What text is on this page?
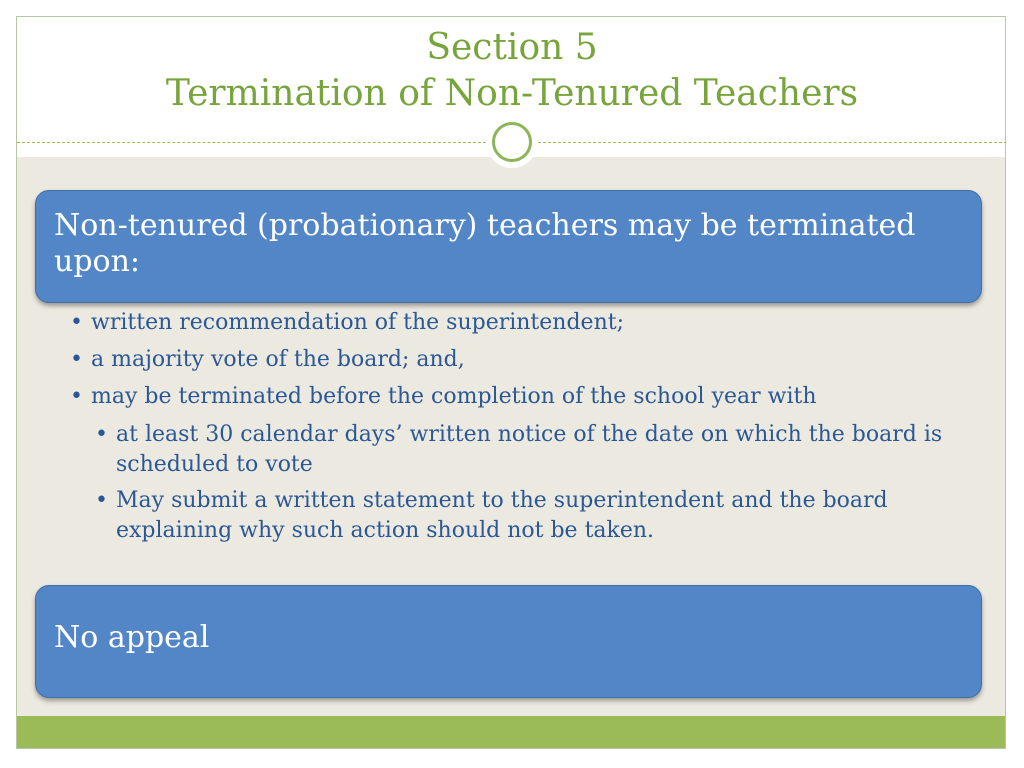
Section 5
Termination of Non-Tenured Teachers
Non-tenured (probationary) teachers may be terminated upon:
• written recommendation of the superintendent;
• a majority vote of the board; and,
• may be terminated before the completion of the school year with
• at least 30 calendar days’ written notice of the date on which the board is scheduled to vote
• May submit a written statement to the superintendent and the board explaining why such action should not be taken.
No appeal
